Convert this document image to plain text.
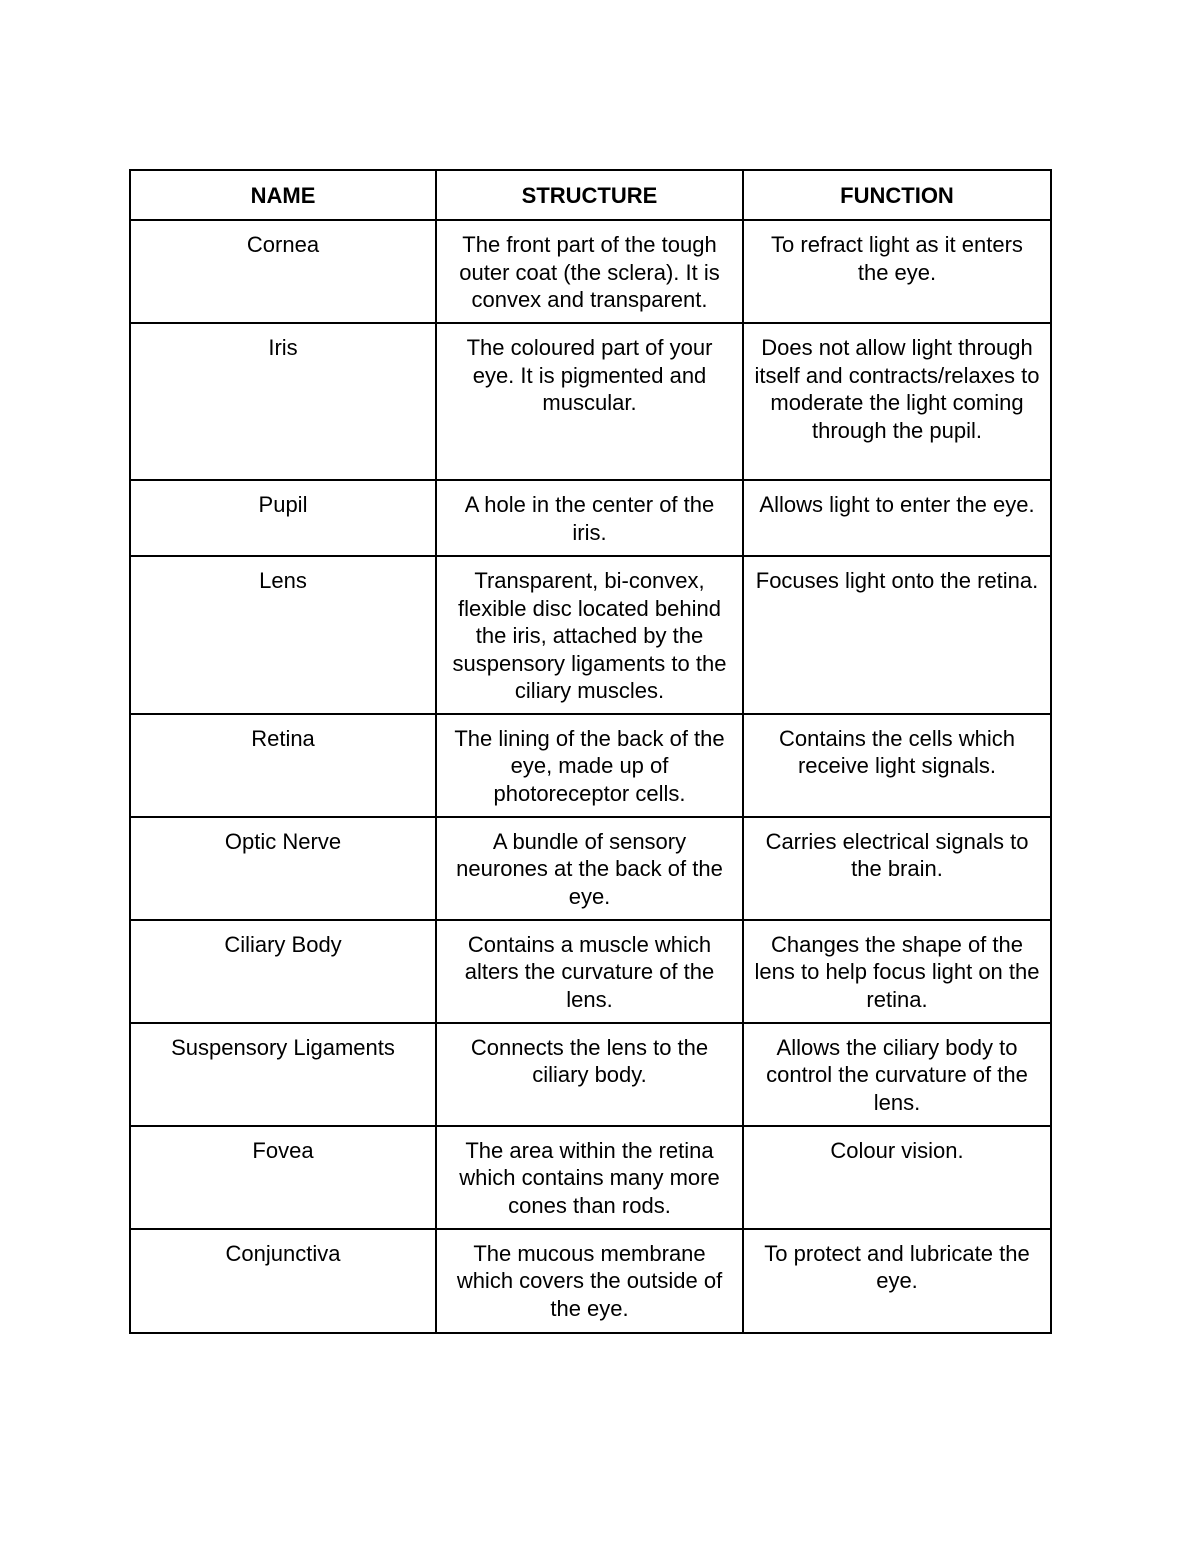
NAME	STRUCTURE	FUNCTION
Cornea	The front part of the tough outer coat (the sclera). It is convex and transparent.	To refract light as it enters the eye.
Iris	The coloured part of your eye. It is pigmented and muscular.	Does not allow light through itself and contracts/relaxes to moderate the light coming through the pupil.
Pupil	A hole in the center of the iris.	Allows light to enter the eye.
Lens	Transparent, bi-convex, flexible disc located behind the iris, attached by the suspensory ligaments to the ciliary muscles.	Focuses light onto the retina.
Retina	The lining of the back of the eye, made up of photoreceptor cells.	Contains the cells which receive light signals.
Optic Nerve	A bundle of sensory neurones at the back of the eye.	Carries electrical signals to the brain.
Ciliary Body	Contains a muscle which alters the curvature of the lens.	Changes the shape of the lens to help focus light on the retina.
Suspensory Ligaments	Connects the lens to the ciliary body.	Allows the ciliary body to control the curvature of the lens.
Fovea	The area within the retina which contains many more cones than rods.	Colour vision.
Conjunctiva	The mucous membrane which covers the outside of the eye.	To protect and lubricate the eye.
